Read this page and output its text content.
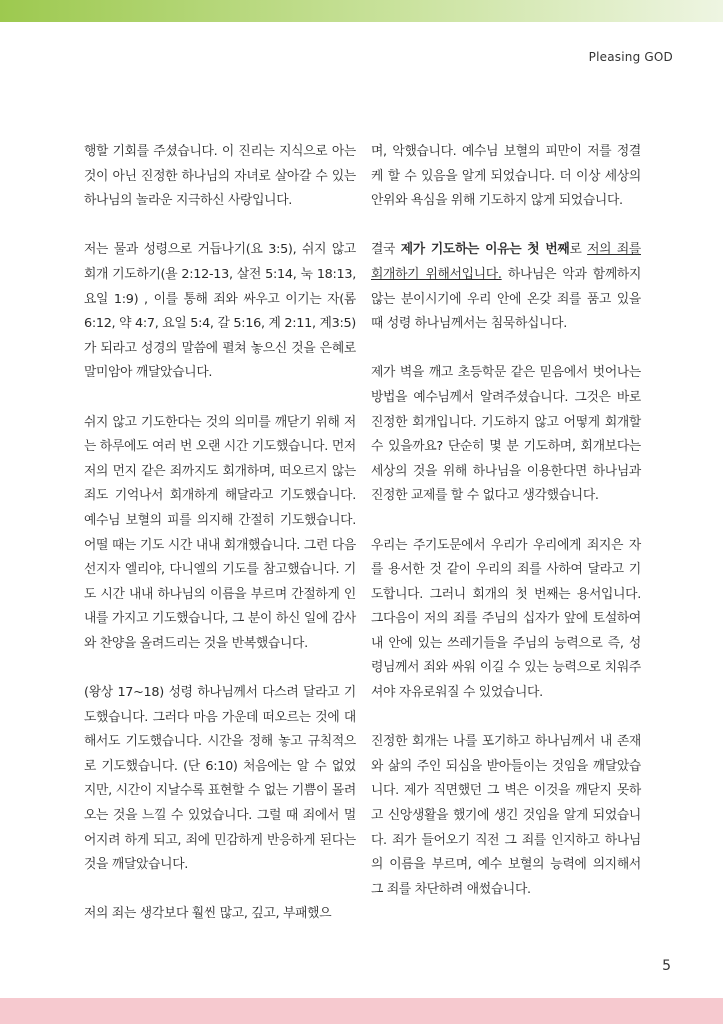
Pleasing GOD

행할 기회를 주셨습니다. 이 진리는 지식으로 아는 것이 아닌 진정한 하나님의 자녀로 살아갈 수 있는 하나님의 놀라운 지극하신 사랑입니다.

저는 물과 성령으로 거듭나기(요 3:5), 쉬지 않고 회개 기도하기(욜 2:12-13, 살전 5:14, 눅 18:13, 요일 1:9) , 이를 통해 죄와 싸우고 이기는 자(롬 6:12, 약 4:7, 요일 5:4, 갈 5:16, 계 2:11, 계3:5)가 되라고 성경의 말씀에 펼쳐 놓으신 것을 은혜로 말미암아 깨달았습니다.

쉬지 않고 기도한다는 것의 의미를 깨닫기 위해 저는 하루에도 여러 번 오랜 시간 기도했습니다. 먼저 저의 먼지 같은 죄까지도 회개하며, 떠오르지 않는 죄도 기억나서 회개하게 해달라고 기도했습니다. 예수님 보혈의 피를 의지해 간절히 기도했습니다. 어떨 때는 기도 시간 내내 회개했습니다. 그런 다음 선지자 엘리야, 다니엘의 기도를 참고했습니다. 기도 시간 내내 하나님의 이름을 부르며 간절하게 인내를 가지고 기도했습니다, 그 분이 하신 일에 감사와 찬양을 올려드리는 것을 반복했습니다.

(왕상 17~18) 성령 하나님께서 다스려 달라고 기도했습니다. 그러다 마음 가운데 떠오르는 것에 대해서도 기도했습니다. 시간을 정해 놓고 규칙적으로 기도했습니다. (단 6:10) 처음에는 알 수 없었지만, 시간이 지날수록 표현할 수 없는 기쁨이 몰려오는 것을 느낄 수 있었습니다. 그럴 때 죄에서 멀어지려 하게 되고, 죄에 민감하게 반응하게 된다는 것을 깨달았습니다.

저의 죄는 생각보다 훨씬 많고, 깊고, 부패했으

며, 악했습니다. 예수님 보혈의 피만이 저를 정결케 할 수 있음을 알게 되었습니다. 더 이상 세상의 안위와 욕심을 위해 기도하지 않게 되었습니다.

결국 제가 기도하는 이유는 첫 번째로 저의 죄를 회개하기 위해서입니다. 하나님은 악과 함께하지 않는 분이시기에 우리 안에 온갖 죄를 품고 있을 때 성령 하나님께서는 침묵하십니다.

제가 벽을 깨고 초등학문 같은 믿음에서 벗어나는 방법을 예수님께서 알려주셨습니다. 그것은 바로 진정한 회개입니다. 기도하지 않고 어떻게 회개할 수 있을까요? 단순히 몇 분 기도하며, 회개보다는 세상의 것을 위해 하나님을 이용한다면 하나님과 진정한 교제를 할 수 없다고 생각했습니다.

우리는 주기도문에서 우리가 우리에게 죄지은 자를 용서한 것 같이 우리의 죄를 사하여 달라고 기도합니다. 그러니 회개의 첫 번째는 용서입니다. 그다음이 저의 죄를 주님의 십자가 앞에 토설하여 내 안에 있는 쓰레기들을 주님의 능력으로 즉, 성령님께서 죄와 싸워 이길 수 있는 능력으로 치워주셔야 자유로워질 수 있었습니다.

진정한 회개는 나를 포기하고 하나님께서 내 존재와 삶의 주인 되심을 받아들이는 것임을 깨달았습니다. 제가 직면했던 그 벽은 이것을 깨닫지 못하고 신앙생활을 했기에 생긴 것임을 알게 되었습니다. 죄가 들어오기 직전 그 죄를 인지하고 하나님의 이름을 부르며, 예수 보혈의 능력에 의지해서 그 죄를 차단하려 애썼습니다.

5
